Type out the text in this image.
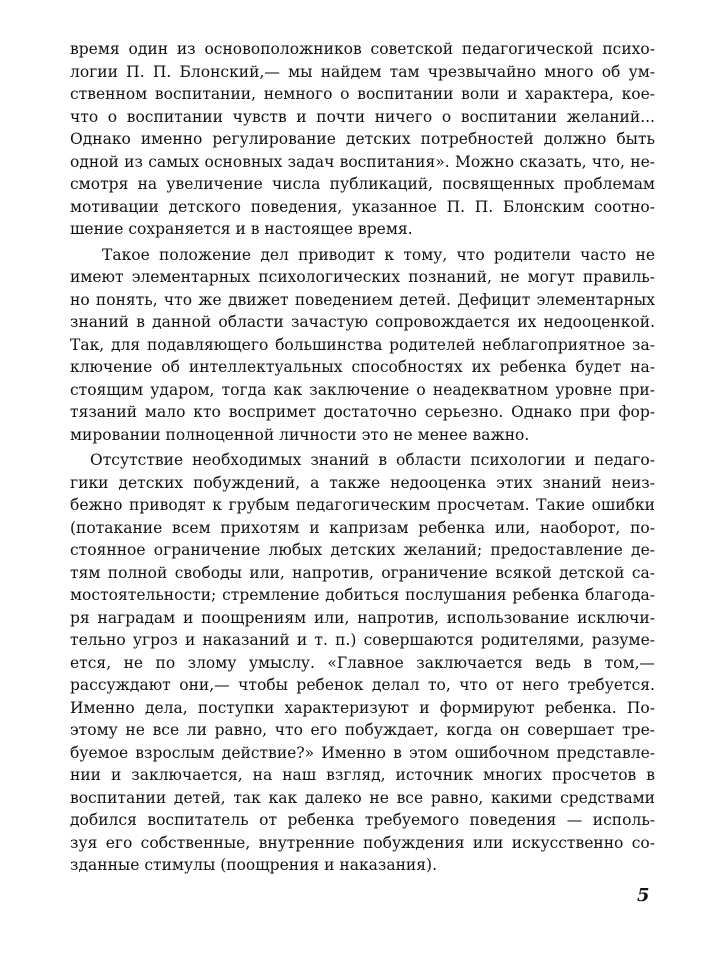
время один из основоположников советской педагогической психо-
логии П. П. Блонский,— мы найдем там чрезвычайно много об ум-
ственном воспитании, немного о воспитании воли и характера, кое-
что о воспитании чувств и почти ничего о воспитании желаний...
Однако именно регулирование детских потребностей должно быть
одной из самых основных задач воспитания». Можно сказать, что, не-
смотря на увеличение числа публикаций, посвященных проблемам
мотивации детского поведения, указанное П. П. Блонским соотно-
шение сохраняется и в настоящее время.

Такое положение дел приводит к тому, что родители часто не
имеют элементарных психологических познаний, не могут правиль-
но понять, что же движет поведением детей. Дефицит элементарных
знаний в данной области зачастую сопровождается их недооценкой.
Так, для подавляющего большинства родителей неблагоприятное за-
ключение об интеллектуальных способностях их ребенка будет на-
стоящим ударом, тогда как заключение о неадекватном уровне при-
тязаний мало кто воспримет достаточно серьезно. Однако при фор-
мировании полноценной личности это не менее важно.

Отсутствие необходимых знаний в области психологии и педаго-
гики детских побуждений, а также недооценка этих знаний неиз-
бежно приводят к грубым педагогическим просчетам. Такие ошибки
(потакание всем прихотям и капризам ребенка или, наоборот, по-
стоянное ограничение любых детских желаний; предоставление де-
тям полной свободы или, напротив, ограничение всякой детской са-
мостоятельности; стремление добиться послушания ребенка благода-
ря наградам и поощрениям или, напротив, использование исключи-
тельно угроз и наказаний и т. п.) совершаются родителями, разуме-
ется, не по злому умыслу. «Главное заключается ведь в том,—
рассуждают они,— чтобы ребенок делал то, что от него требуется.
Именно дела, поступки характеризуют и формируют ребенка. По-
этому не все ли равно, что его побуждает, когда он совершает тре-
буемое взрослым действие?» Именно в этом ошибочном представле-
нии и заключается, на наш взгляд, источник многих просчетов в
воспитании детей, так как далеко не все равно, какими средствами
добился воспитатель от ребенка требуемого поведения — исполь-
зуя его собственные, внутренние побуждения или искусственно со-
зданные стимулы (поощрения и наказания).

5
